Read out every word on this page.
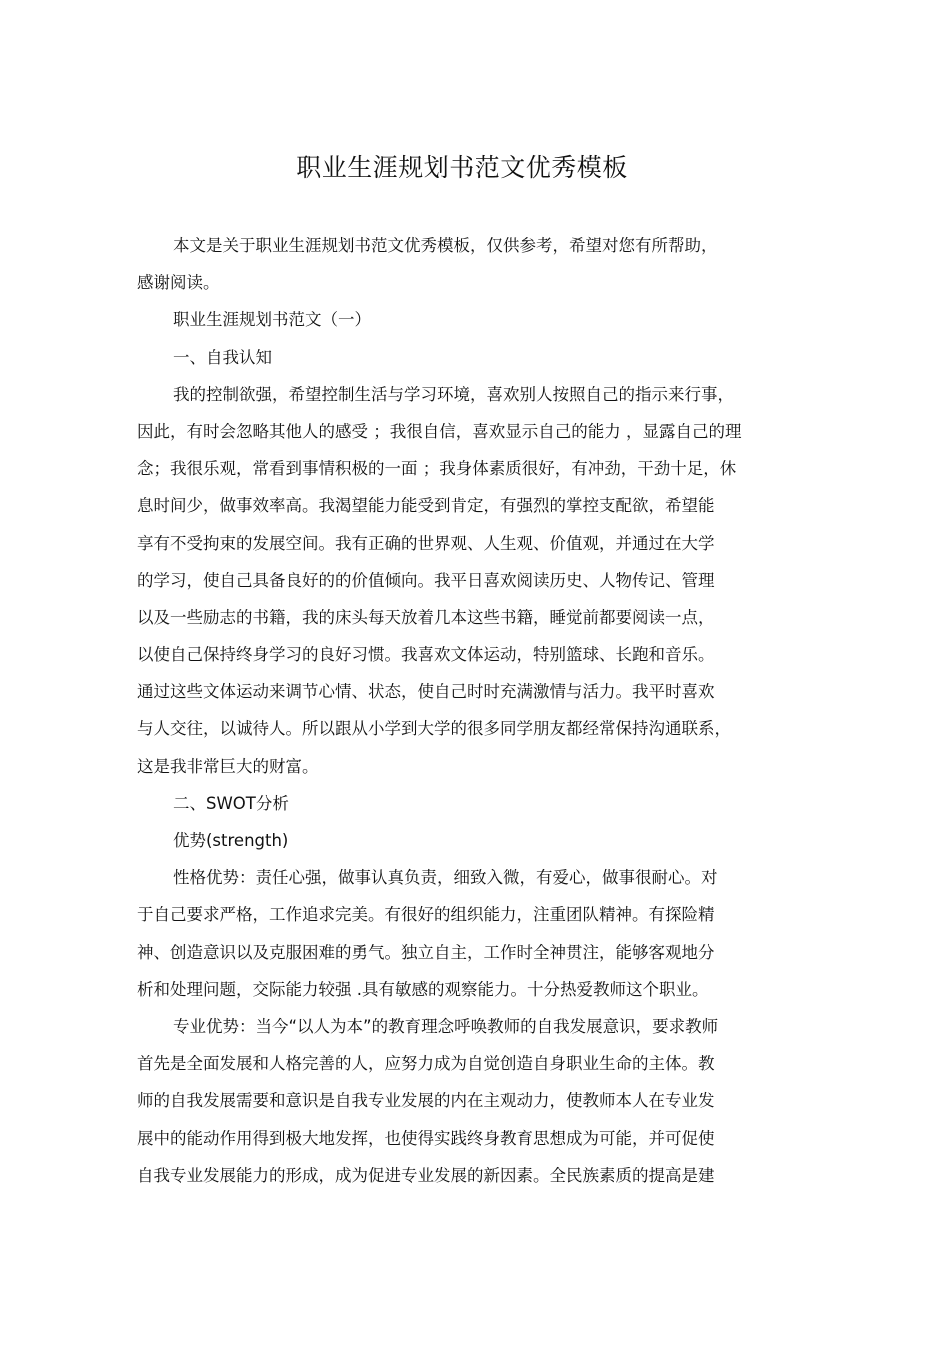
职业生涯规划书范文优秀模板

本文是关于职业生涯规划书范文优秀模板，仅供参考，希望对您有所帮助，

感谢阅读。

职业生涯规划书范文（一）

一、自我认知

我的控制欲强，希望控制生活与学习环境，喜欢别人按照自己的指示来行事，

因此，有时会忽略其他人的感受 ；我很自信，喜欢显示自己的能力 ，显露自己的理

念；我很乐观，常看到事情积极的一面 ；我身体素质很好，有冲劲，干劲十足，休

息时间少，做事效率高。我渴望能力能受到肯定，有强烈的掌控支配欲，希望能

享有不受拘束的发展空间。我有正确的世界观、人生观、价值观，并通过在大学

的学习，使自己具备良好的的价值倾向。我平日喜欢阅读历史、人物传记、管理

以及一些励志的书籍，我的床头每天放着几本这些书籍，睡觉前都要阅读一点，

以使自己保持终身学习的良好习惯。我喜欢文体运动，特别篮球、长跑和音乐。

通过这些文体运动来调节心情、状态，使自己时时充满激情与活力。我平时喜欢

与人交往，以诚待人。所以跟从小学到大学的很多同学朋友都经常保持沟通联系，

这是我非常巨大的财富。

二、SWOT分析

优势(strength)

性格优势：责任心强，做事认真负责，细致入微，有爱心，做事很耐心。对

于自己要求严格，工作追求完美。有很好的组织能力，注重团队精神。有探险精

神、创造意识以及克服困难的勇气。独立自主，工作时全神贯注，能够客观地分

析和处理问题，交际能力较强 .具有敏感的观察能力。十分热爱教师这个职业。

专业优势：当今“以人为本”的教育理念呼唤教师的自我发展意识，要求教师

首先是全面发展和人格完善的人，应努力成为自觉创造自身职业生命的主体。教

师的自我发展需要和意识是自我专业发展的内在主观动力，使教师本人在专业发

展中的能动作用得到极大地发挥，也使得实践终身教育思想成为可能，并可促使

自我专业发展能力的形成，成为促进专业发展的新因素。全民族素质的提高是建
